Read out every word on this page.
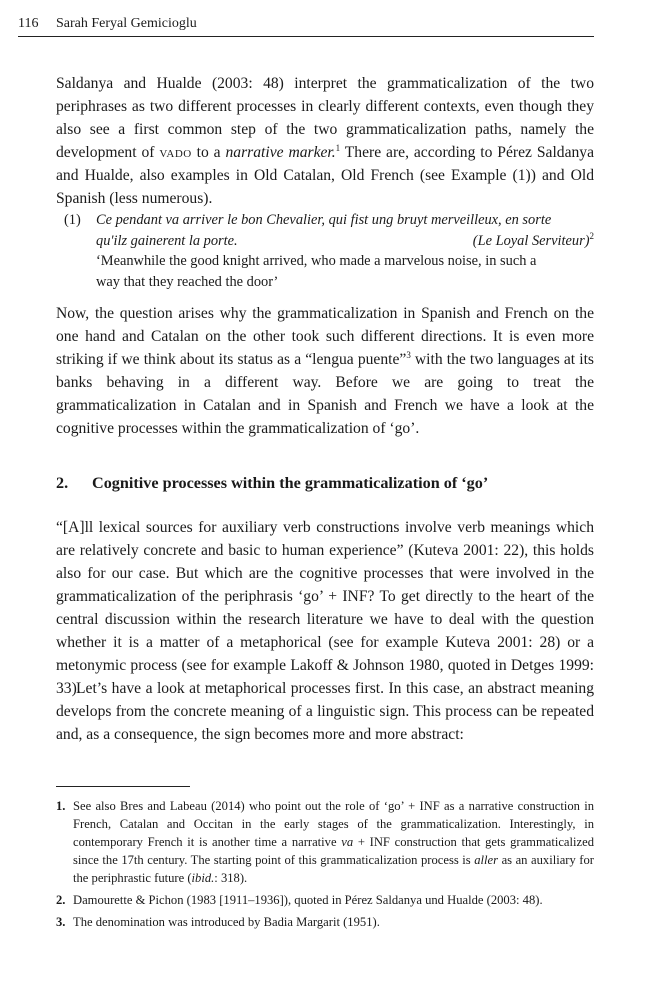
116 Sarah Feryal Gemicioglu

Saldanya and Hualde (2003: 48) interpret the grammaticalization of the two periphrases as two different processes in clearly different contexts, even though they also see a first common step of the two grammaticalization paths, namely the development of vado to a narrative marker.$^1$ There are, according to Pérez Saldanya and Hualde, also examples in Old Catalan, Old French (see Example (1)) and Old Spanish (less numerous).

(1) Ce pendant va arriver le bon Chevalier, qui fist ung bruyt merveilleux, en sorte
qu'ilz gainerent la porte.	(Le Loyal Serviteur)$^2$
‘Meanwhile the good knight arrived, who made a marvelous noise, in such a
way that they reached the door’

Now, the question arises why the grammaticalization in Spanish and French on the one hand and Catalan on the other took such different directions. It is even more striking if we think about its status as a “lengua puente”$^3$ with the two languages at its banks behaving in a different way. Before we are going to treat the grammaticalization in Catalan and in Spanish and French we have a look at the cognitive processes within the grammaticalization of ‘go’.

2. Cognitive processes within the grammaticalization of ‘go’

“[A]ll lexical sources for auxiliary verb constructions involve verb meanings which are relatively concrete and basic to human experience” (Kuteva 2001: 22), this holds also for our case. But which are the cognitive processes that were involved in the grammaticalization of the periphrasis ‘go’ + INF? To get directly to the heart of the central discussion within the research literature we have to deal with the question whether it is a matter of a metaphorical (see for example Kuteva 2001: 28) or a metonymic process (see for example Lakoff & Johnson 1980, quoted in Detges 1999: 33).

Let’s have a look at metaphorical processes first. In this case, an abstract meaning develops from the concrete meaning of a linguistic sign. This process can be repeated and, as a consequence, the sign becomes more and more abstract:

1. See also Bres and Labeau (2014) who point out the role of ‘go’ + INF as a narrative construction in French, Catalan and Occitan in the early stages of the grammaticalization. Interestingly, in contemporary French it is another time a narrative va + INF construction that gets grammaticalized since the 17th century. The starting point of this grammaticalization process is aller as an auxiliary for the periphrastic future (ibid.: 318).
2. Damourette & Pichon (1983 [1911–1936]), quoted in Pérez Saldanya und Hualde (2003: 48).
3. The denomination was introduced by Badia Margarit (1951).
